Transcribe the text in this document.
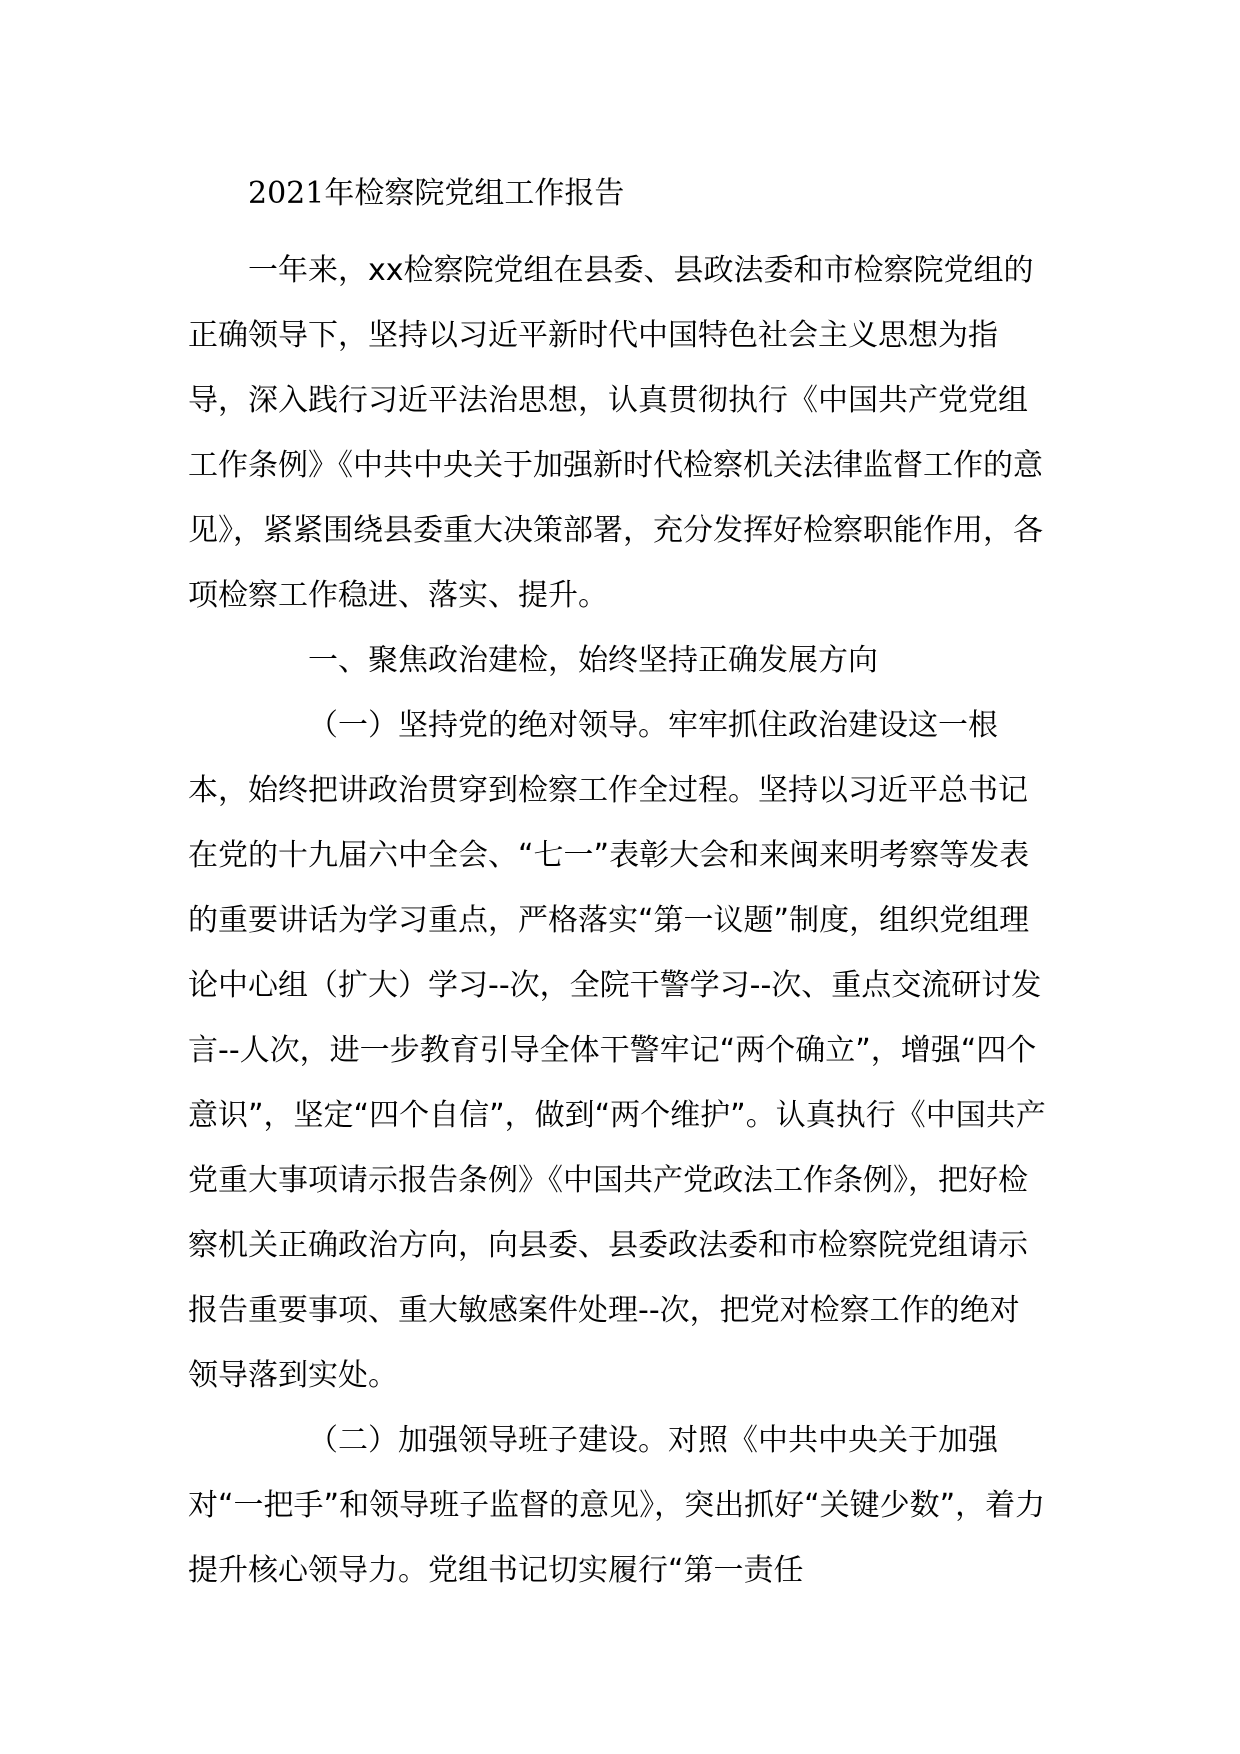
2021年检察院党组工作报告

一年来，xx检察院党组在县委、县政法委和市检察院党组的正确领导下，坚持以习近平新时代中国特色社会主义思想为指导，深入践行习近平法治思想，认真贯彻执行《中国共产党党组工作条例》《中共中央关于加强新时代检察机关法律监督工作的意见》，紧紧围绕县委重大决策部署，充分发挥好检察职能作用，各项检察工作稳进、落实、提升。

一、聚焦政治建检，始终坚持正确发展方向

（一）坚持党的绝对领导。牢牢抓住政治建设这一根本，始终把讲政治贯穿到检察工作全过程。坚持以习近平总书记在党的十九届六中全会、“七一”表彰大会和来闽来明考察等发表的重要讲话为学习重点，严格落实“第一议题”制度，组织党组理论中心组（扩大）学习--次，全院干警学习--次、重点交流研讨发言--人次，进一步教育引导全体干警牢记“两个确立”，增强“四个意识”，坚定“四个自信”，做到“两个维护”。认真执行《中国共产党重大事项请示报告条例》《中国共产党政法工作条例》，把好检察机关正确政治方向，向县委、县委政法委和市检察院党组请示报告重要事项、重大敏感案件处理--次，把党对检察工作的绝对领导落到实处。

（二）加强领导班子建设。对照《中共中央关于加强对“一把手”和领导班子监督的意见》，突出抓好“关键少数”，着力提升核心领导力。党组书记切实履行“第一责任
